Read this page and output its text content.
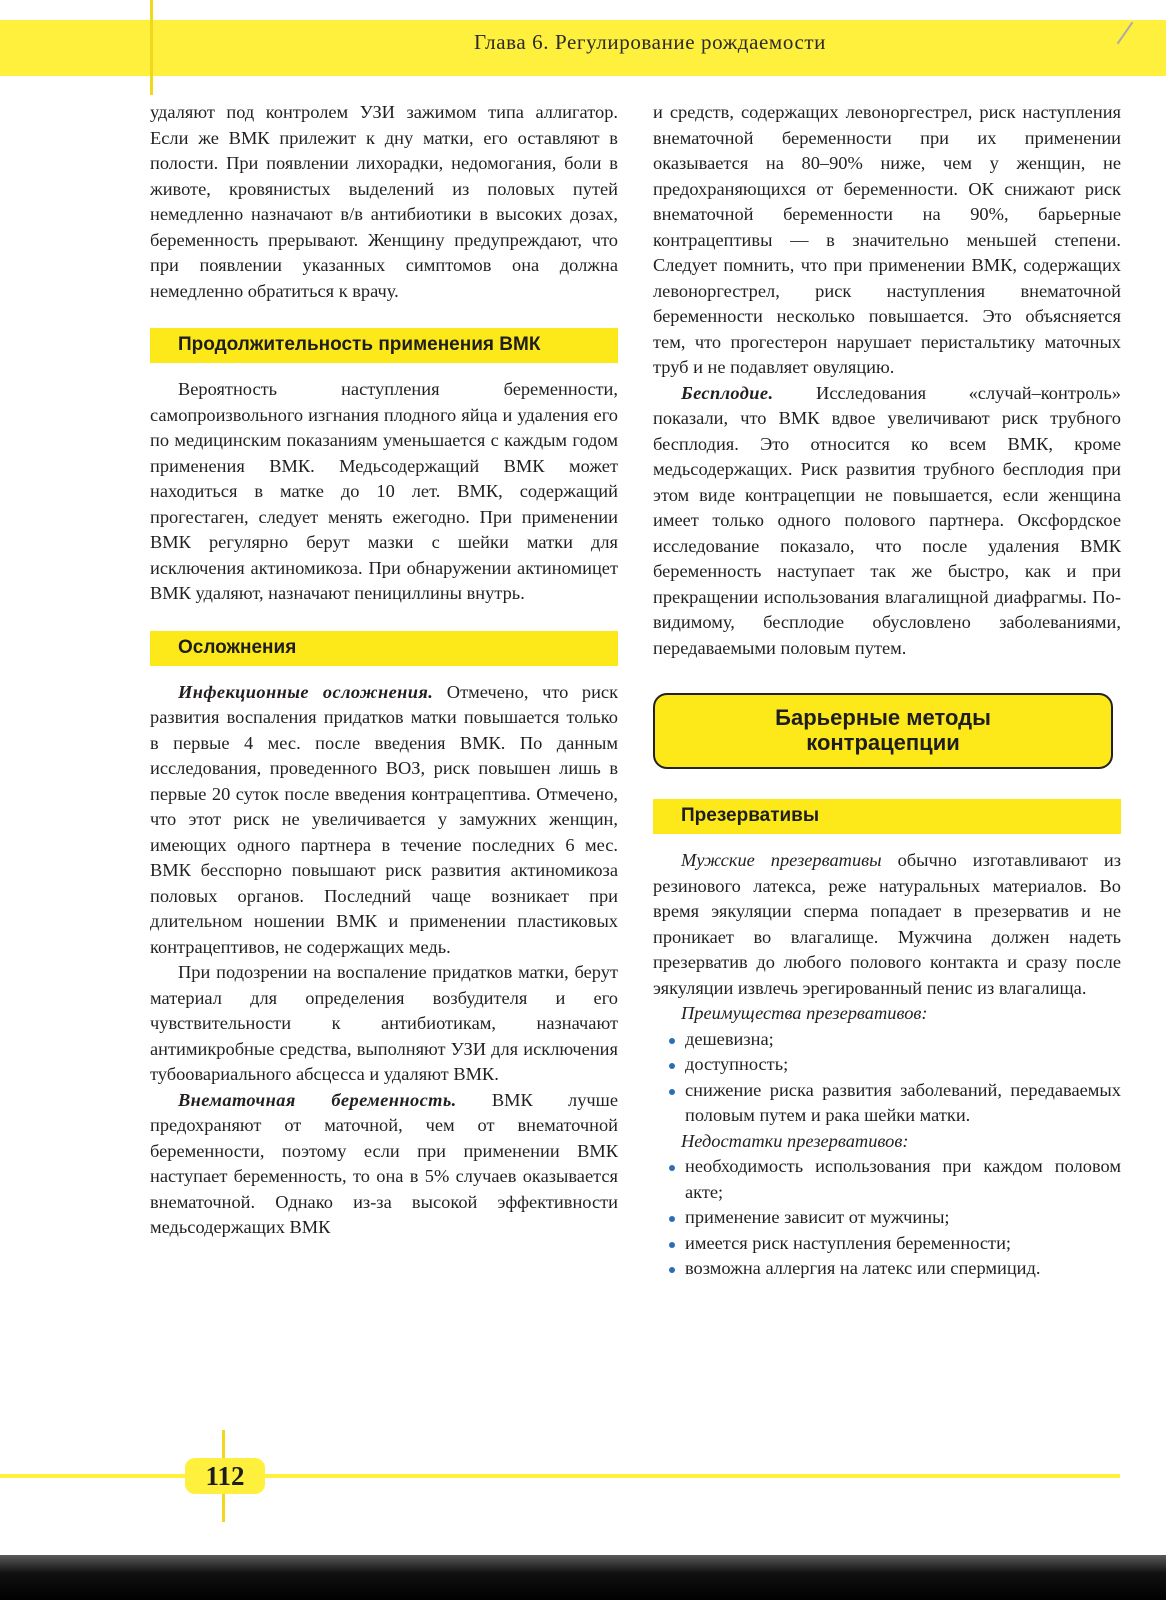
Глава 6. Регулирование рождаемости

удаляют под контролем УЗИ зажимом типа аллигатор. Если же ВМК прилежит к дну матки, его оставляют в полости. При появлении лихорадки, недомогания, боли в животе, кровянистых выделений из половых путей немедленно назначают в/в антибиотики в высоких дозах, беременность прерывают. Женщину предупреждают, что при появлении указанных симптомов она должна немедленно обратиться к врачу.

Продолжительность применения ВМК

Вероятность наступления беременности, самопроизвольного изгнания плодного яйца и удаления его по медицинским показаниям уменьшается с каждым годом применения ВМК. Медьсодержащий ВМК может находиться в матке до 10 лет. ВМК, содержащий прогестаген, следует менять ежегодно. При применении ВМК регулярно берут мазки с шейки матки для исключения актиномикоза. При обнаружении актиномицет ВМК удаляют, назначают пенициллины внутрь.

Осложнения

Инфекционные осложнения. Отмечено, что риск развития воспаления придатков матки повышается только в первые 4 мес. после введения ВМК. По данным исследования, проведенного ВОЗ, риск повышен лишь в первые 20 суток после введения контрацептива. Отмечено, что этот риск не увеличивается у замужних женщин, имеющих одного партнера в течение последних 6 мес. ВМК бесспорно повышают риск развития актиномикоза половых органов. Последний чаще возникает при длительном ношении ВМК и применении пластиковых контрацептивов, не содержащих медь.

При подозрении на воспаление придатков матки, берут материал для определения возбудителя и его чувствительности к антибиотикам, назначают антимикробные средства, выполняют УЗИ для исключения тубоовариального абсцесса и удаляют ВМК.

Внематочная беременность. ВМК лучше предохраняют от маточной, чем от внематочной беременности, поэтому если при применении ВМК наступает беременность, то она в 5% случаев оказывается внематочной. Однако из-за высокой эффективности медьсодержащих ВМК

и средств, содержащих левоноргестрел, риск наступления внематочной беременности при их применении оказывается на 80–90% ниже, чем у женщин, не предохраняющихся от беременности. ОК снижают риск внематочной беременности на 90%, барьерные контрацептивы — в значительно меньшей степени. Следует помнить, что при применении ВМК, содержащих левоноргестрел, риск наступления внематочной беременности несколько повышается. Это объясняется тем, что прогестерон нарушает перистальтику маточных труб и не подавляет овуляцию.

Бесплодие. Исследования «случай–контроль» показали, что ВМК вдвое увеличивают риск трубного бесплодия. Это относится ко всем ВМК, кроме медьсодержащих. Риск развития трубного бесплодия при этом виде контрацепции не повышается, если женщина имеет только одного полового партнера. Оксфордское исследование показало, что после удаления ВМК беременность наступает так же быстро, как и при прекращении использования влагалищной диафрагмы. По-видимому, бесплодие обусловлено заболеваниями, передаваемыми половым путем.

Барьерные методы
контрацепции
Презервативы

Мужские презервативы обычно изготавливают из резинового латекса, реже натуральных материалов. Во время эякуляции сперма попадает в презерватив и не проникает во влагалище. Мужчина должен надеть презерватив до любого полового контакта и сразу после эякуляции извлечь эрегированный пенис из влагалища.

Преимущества презервативов:
дешевизна;
доступность;
снижение риска развития заболеваний, передаваемых половым путем и рака шейки матки.
Недостатки презервативов:
необходимость использования при каждом половом акте;
применение зависит от мужчины;
имеется риск наступления беременности;
возможна аллергия на латекс или спермицид.
112
